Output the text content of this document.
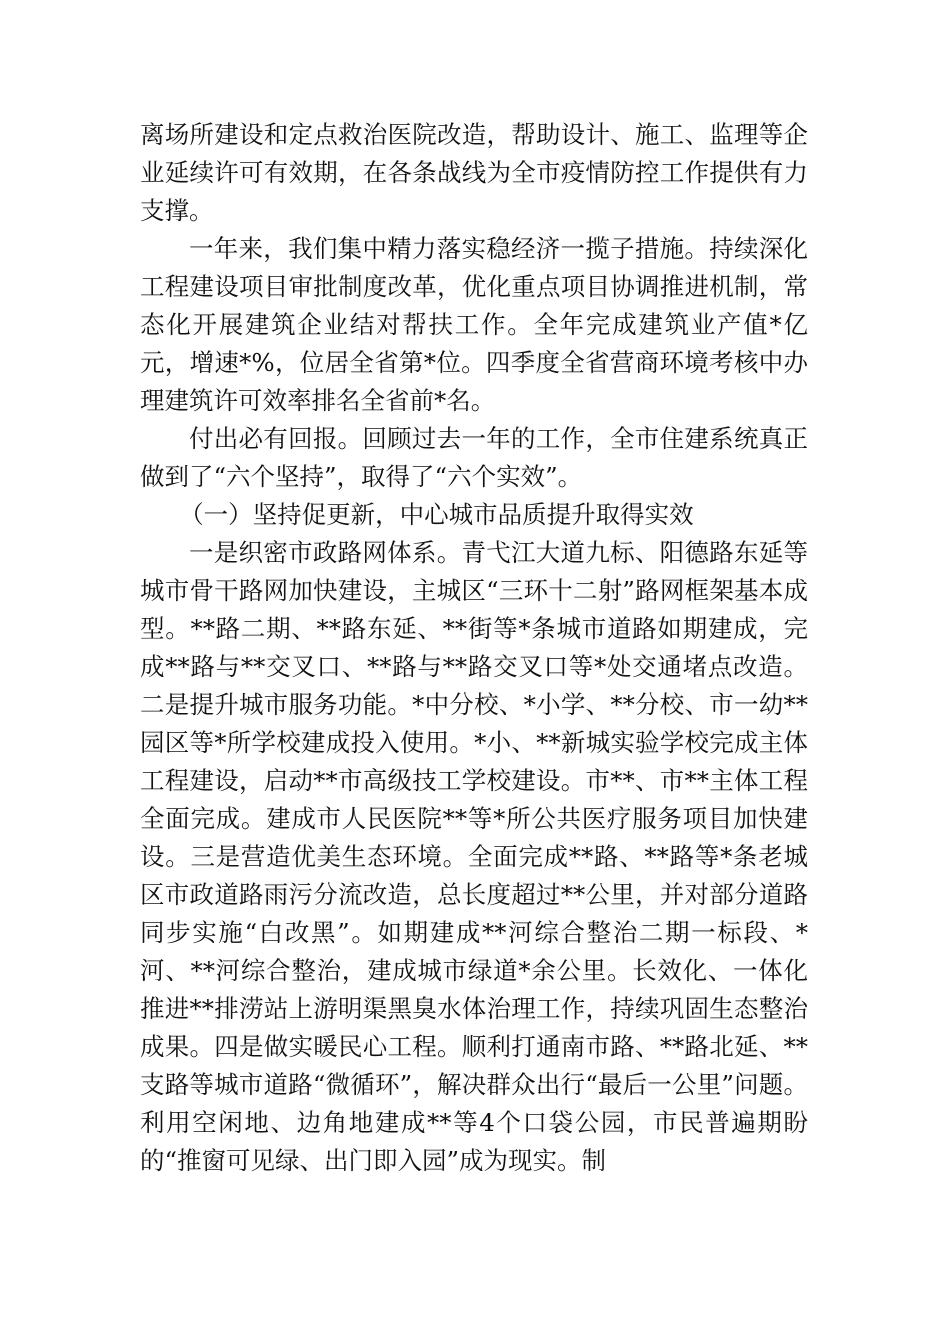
离场所建设和定点救治医院改造，帮助设计、施工、监理等企业延续许可有效期，在各条战线为全市疫情防控工作提供有力支撑。

一年来，我们集中精力落实稳经济一揽子措施。持续深化工程建设项目审批制度改革，优化重点项目协调推进机制，常态化开展建筑企业结对帮扶工作。全年完成建筑业产值*亿元，增速*%，位居全省第*位。四季度全省营商环境考核中办理建筑许可效率排名全省前*名。

付出必有回报。回顾过去一年的工作，全市住建系统真正做到了“六个坚持”，取得了“六个实效”。

（一）坚持促更新，中心城市品质提升取得实效

一是织密市政路网体系。青弋江大道九标、阳德路东延等城市骨干路网加快建设，主城区“三环十二射”路网框架基本成型。**路二期、**路东延、**街等*条城市道路如期建成，完成**路与**交叉口、**路与**路交叉口等*处交通堵点改造。二是提升城市服务功能。*中分校、*小学、**分校、市一幼**园区等*所学校建成投入使用。*小、**新城实验学校完成主体工程建设，启动**市高级技工学校建设。市**、市**主体工程全面完成。建成市人民医院**等*所公共医疗服务项目加快建设。三是营造优美生态环境。全面完成**路、**路等*条老城区市政道路雨污分流改造，总长度超过**公里，并对部分道路同步实施“白改黑”。如期建成**河综合整治二期一标段、*河、**河综合整治，建成城市绿道*余公里。长效化、一体化推进**排涝站上游明渠黑臭水体治理工作，持续巩固生态整治成果。四是做实暖民心工程。顺利打通南市路、**路北延、**支路等城市道路“微循环”，解决群众出行“最后一公里”问题。利用空闲地、边角地建成**等4个口袋公园，市民普遍期盼的“推窗可见绿、出门即入园”成为现实。制
